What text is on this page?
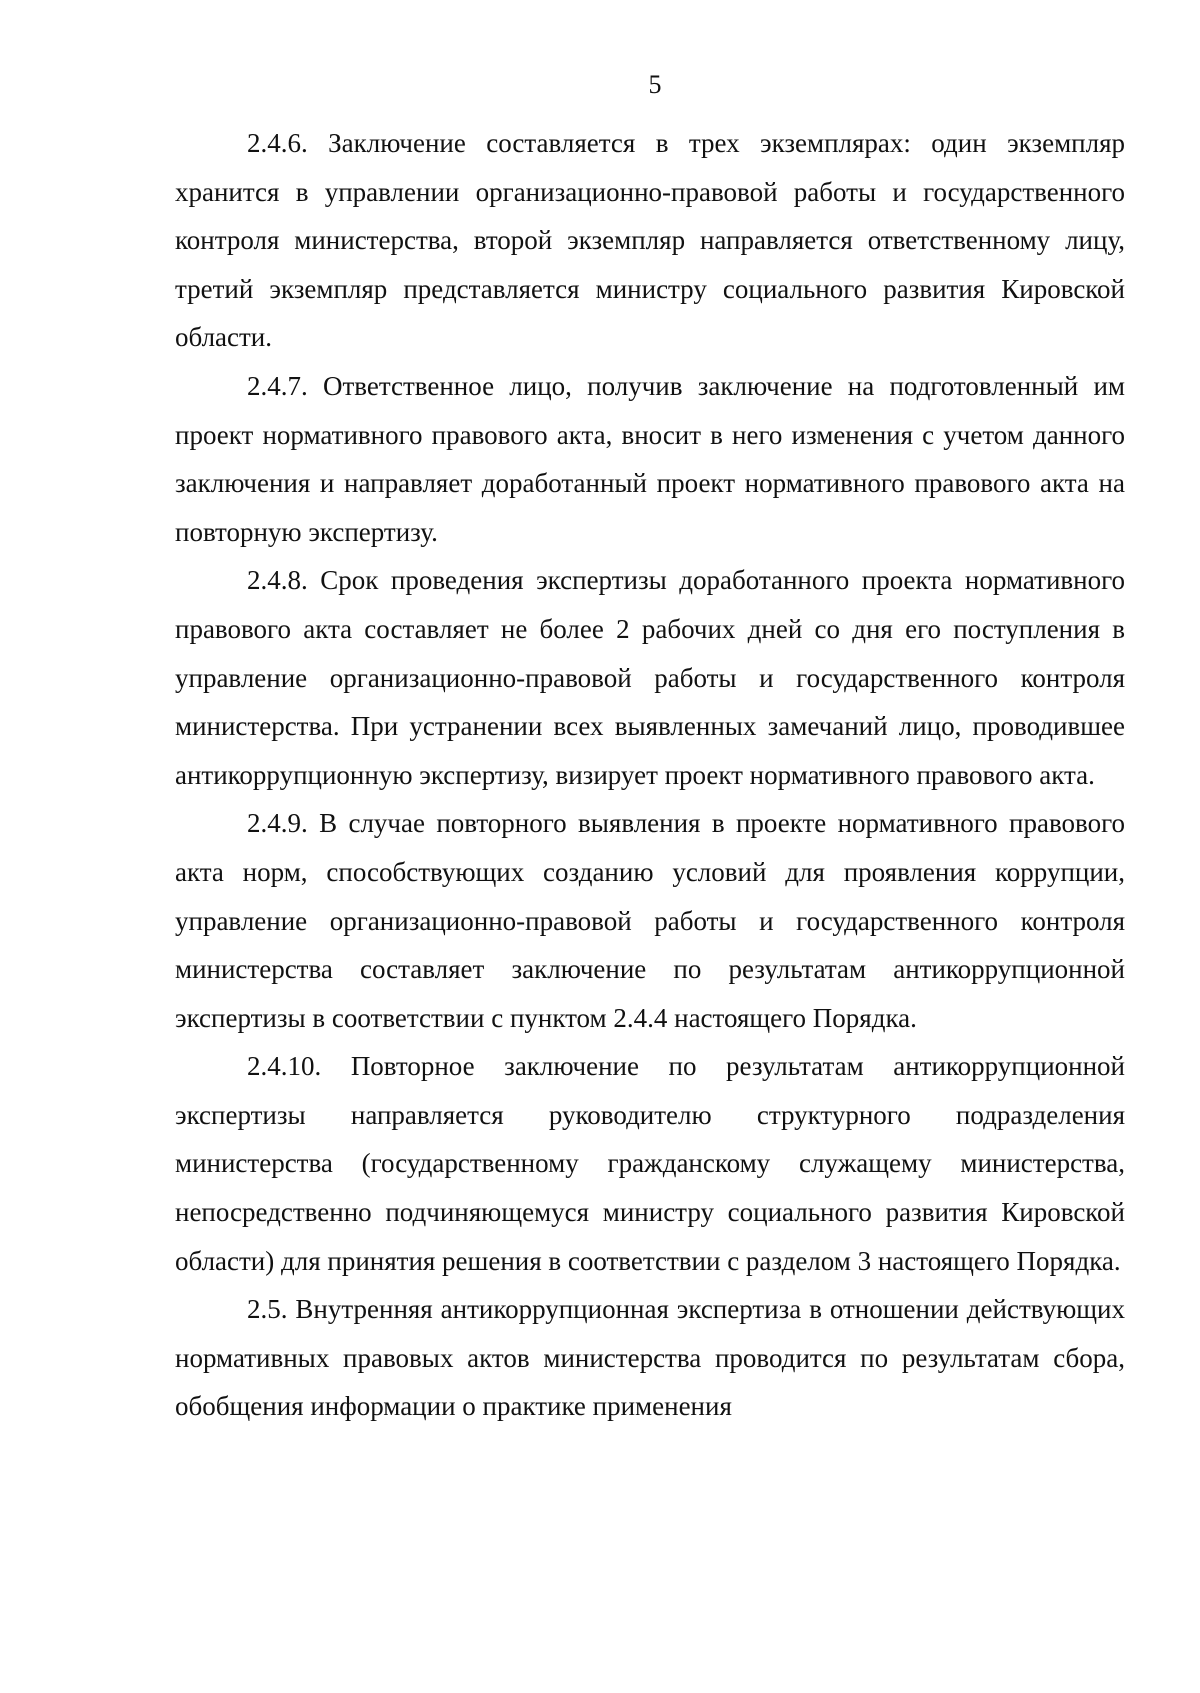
5

2.4.6. Заключение составляется в трех экземплярах: один экземпляр хранится в управлении организационно-правовой работы и государственного контроля министерства, второй экземпляр направляется ответственному лицу, третий экземпляр представляется министру социального развития Кировской области.

2.4.7. Ответственное лицо, получив заключение на подготовленный им проект нормативного правового акта, вносит в него изменения с учетом данного заключения и направляет доработанный проект нормативного правового акта на повторную экспертизу.

2.4.8. Срок проведения экспертизы доработанного проекта нормативного правового акта составляет не более 2 рабочих дней со дня его поступления в управление организационно-правовой работы и государственного контроля министерства. При устранении всех выявленных замечаний лицо, проводившее антикоррупционную экспертизу, визирует проект нормативного правового акта.

2.4.9. В случае повторного выявления в проекте нормативного правового акта норм, способствующих созданию условий для проявления коррупции, управление организационно-правовой работы и государственного контроля министерства составляет заключение по результатам антикоррупционной экспертизы в соответствии с пунктом 2.4.4 настоящего Порядка.

2.4.10. Повторное заключение по результатам антикоррупционной экспертизы направляется руководителю структурного подразделения министерства (государственному гражданскому служащему министерства, непосредственно подчиняющемуся министру социального развития Кировской области) для принятия решения в соответствии с разделом 3 настоящего Порядка.

2.5. Внутренняя антикоррупционная экспертиза в отношении действующих нормативных правовых актов министерства проводится по результатам сбора, обобщения информации о практике применения
